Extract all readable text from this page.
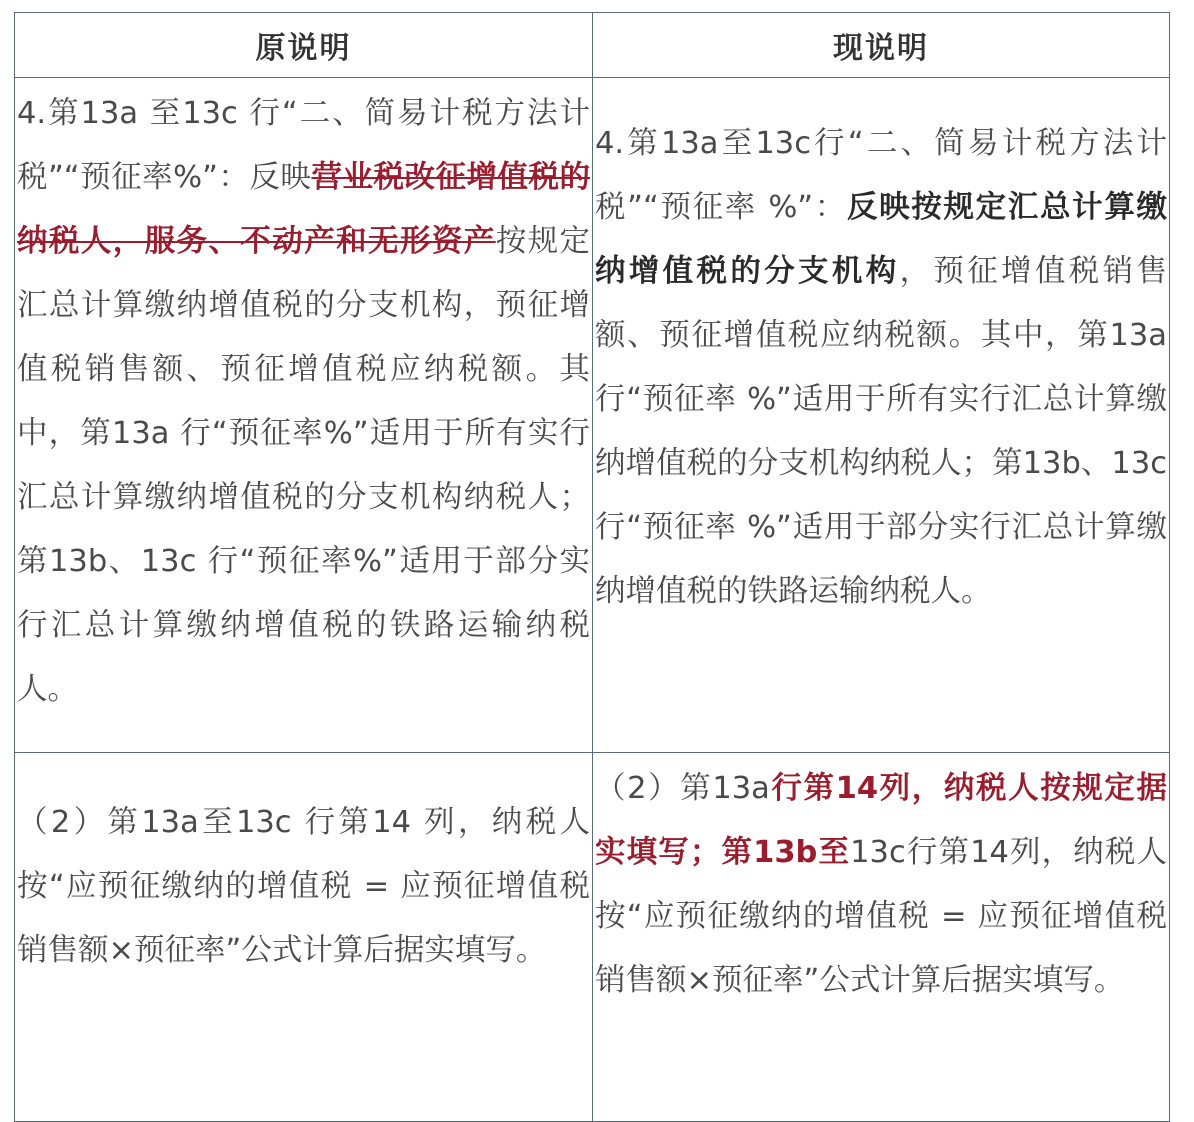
原说明	现说明
4.第13a 至13c 行“二、简易计税方法计税”“预征率%”：反映营业税改征增值税的纳税人，服务、不动产和无形资产按规定汇总计算缴纳增值税的分支机构，预征增值税销售额、预征增值税应纳税额。其中，第13a 行“预征率%”适用于所有实行汇总计算缴纳增值税的分支机构纳税人；第13b、13c 行“预征率%”适用于部分实行汇总计算缴纳增值税的铁路运输纳税人。	4.第13a至13c行“二、简易计税方法计税”“预征率 %”：反映按规定汇总计算缴纳增值税的分支机构，预征增值税销售额、预征增值税应纳税额。其中，第13a行“预征率 %”适用于所有实行汇总计算缴纳增值税的分支机构纳税人；第13b、13c行“预征率 %”适用于部分实行汇总计算缴纳增值税的铁路运输纳税人。
（2）第13a至13c 行第14 列，纳税人按“应预征缴纳的增值税 = 应预征增值税销售额×预征率”公式计算后据实填写。	（2）第13a行第14列，纳税人按规定据实填写；第13b至13c行第14列，纳税人按“应预征缴纳的增值税 = 应预征增值税销售额×预征率”公式计算后据实填写。
